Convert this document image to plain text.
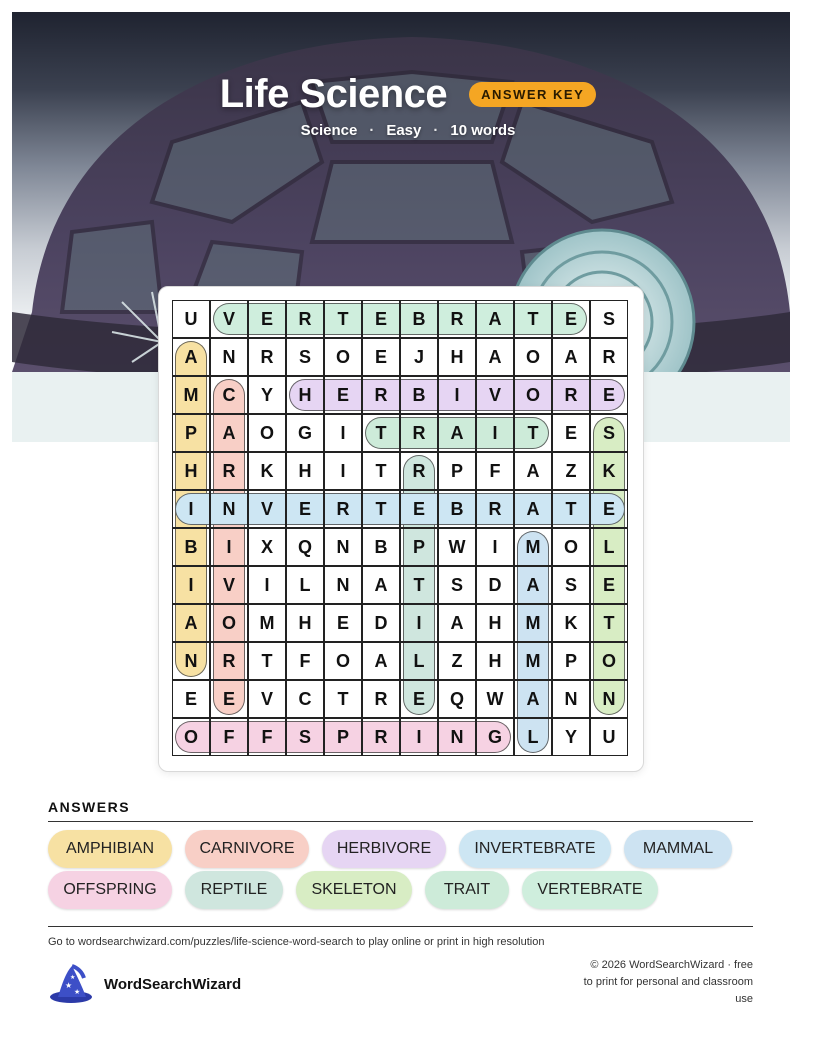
Life Science	ANSWER KEY
Science · Easy · 10 words
U	V	E	R	T	E	B	R	A	T	E	S
A	N	R	S	O	E	J	H	A	O	A	R
M	C	Y	H	E	R	B	I	V	O	R	E
P	A	O	G	I	T	R	A	I	T	E	S
H	R	K	H	I	T	R	P	F	A	Z	K
I	N	V	E	R	T	E	B	R	A	T	E
B	I	X	Q	N	B	P	W	I	M	O	L
I	V	I	L	N	A	T	S	D	A	S	E
A	O	M	H	E	D	I	A	H	M	K	T
N	R	T	F	O	A	L	Z	H	M	P	O
E	E	V	C	T	R	E	Q	W	A	N	N
O	F	F	S	P	R	I	N	G	L	Y	U
ANSWERS
AMPHIBIAN	CARNIVORE	HERBIVORE	INVERTEBRATE	MAMMAL
OFFSPRING	REPTILE	SKELETON	TRAIT	VERTEBRATE
Go to wordsearchwizard.com/puzzles/life-science-word-search to play online or print in high resolution
★
★
★ WordSearchWizard
© 2026 WordSearchWizard · free to print for personal and classroom use
